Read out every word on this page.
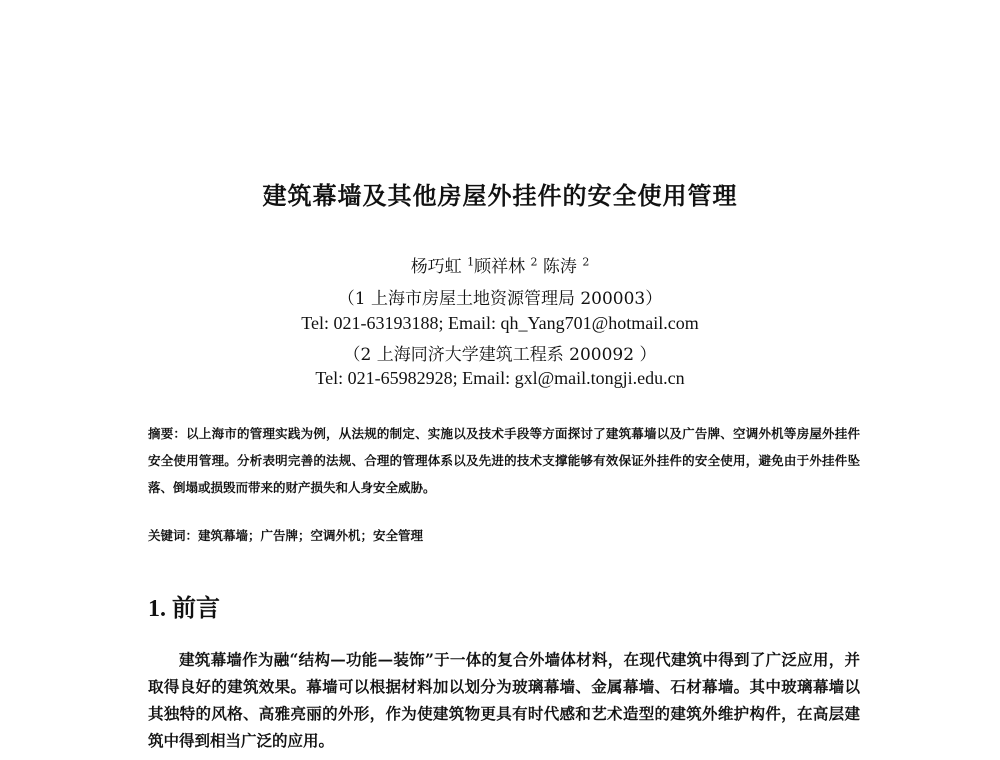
建筑幕墙及其他房屋外挂件的安全使用管理
杨巧虹 $^1$顾祥林 $^2$ 陈涛 $^2$
（1 上海市房屋土地资源管理局 200003）
Tel: 021-63193188; Email: qh_Yang701@hotmail.com
（2 上海同济大学建筑工程系 200092 ）
Tel: 021-65982928; Email: gxl@mail.tongji.edu.cn
摘要：以上海市的管理实践为例，从法规的制定、实施以及技术手段等方面探讨了建筑幕墙以及广告牌、空调外机等房屋外挂件安全使用管理。分析表明完善的法规、合理的管理体系以及先进的技术支撑能够有效保证外挂件的安全使用，避免由于外挂件坠落、倒塌或损毁而带来的财产损失和人身安全威胁。
关键词：建筑幕墙；广告牌；空调外机；安全管理
1. 前言
建筑幕墙作为融“结构—功能—装饰”于一体的复合外墙体材料，在现代建筑中得到了广泛应用，并取得良好的建筑效果。幕墙可以根据材料加以划分为玻璃幕墙、金属幕墙、石材幕墙。其中玻璃幕墙以其独特的风格、高雅亮丽的外形，作为使建筑物更具有时代感和艺术造型的建筑外维护构件，在高层建筑中得到相当广泛的应用。
